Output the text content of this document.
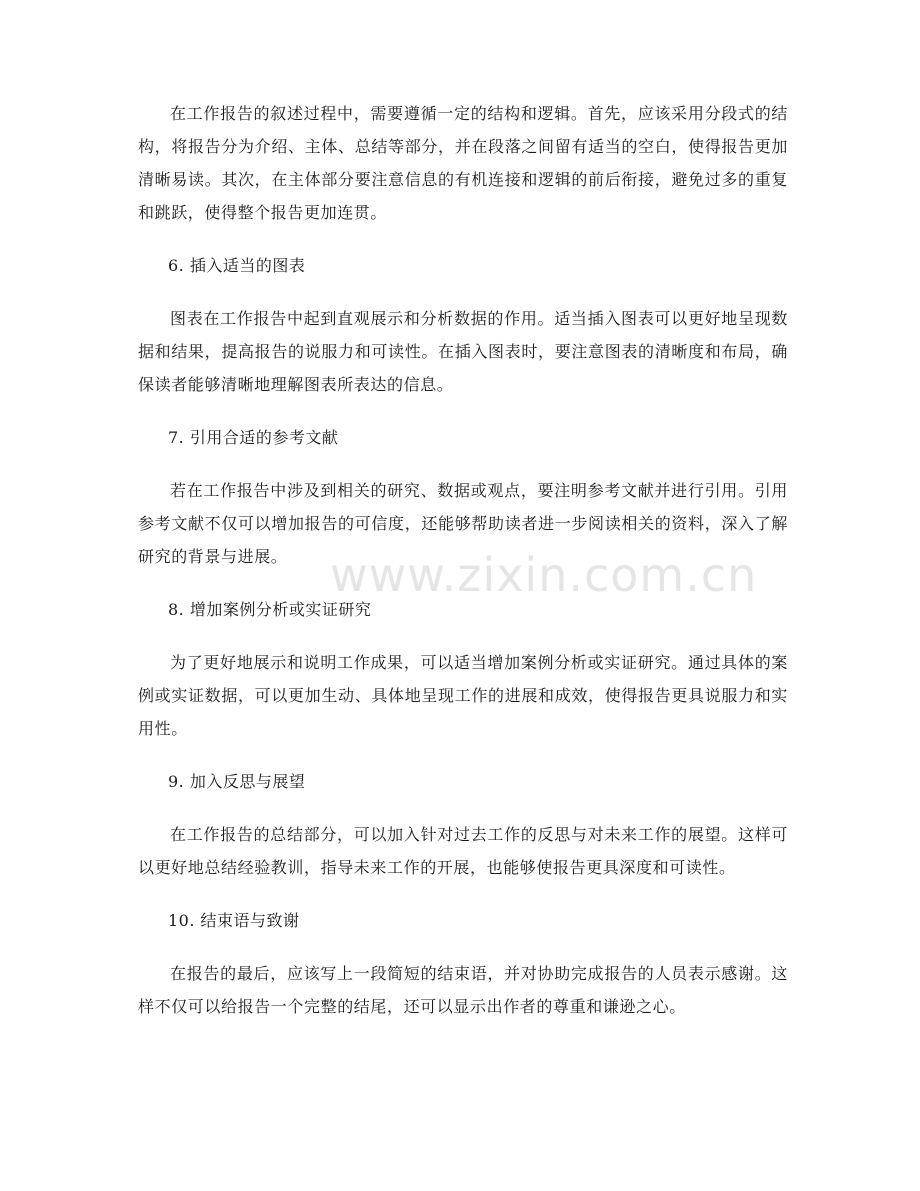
在工作报告的叙述过程中，需要遵循一定的结构和逻辑。首先，应该采用分段式的结构，将报告分为介绍、主体、总结等部分，并在段落之间留有适当的空白，使得报告更加清晰易读。其次，在主体部分要注意信息的有机连接和逻辑的前后衔接，避免过多的重复和跳跃，使得整个报告更加连贯。

6. 插入适当的图表

图表在工作报告中起到直观展示和分析数据的作用。适当插入图表可以更好地呈现数据和结果，提高报告的说服力和可读性。在插入图表时，要注意图表的清晰度和布局，确保读者能够清晰地理解图表所表达的信息。

7. 引用合适的参考文献

若在工作报告中涉及到相关的研究、数据或观点，要注明参考文献并进行引用。引用参考文献不仅可以增加报告的可信度，还能够帮助读者进一步阅读相关的资料，深入了解研究的背景与进展。

8. 增加案例分析或实证研究

为了更好地展示和说明工作成果，可以适当增加案例分析或实证研究。通过具体的案例或实证数据，可以更加生动、具体地呈现工作的进展和成效，使得报告更具说服力和实用性。

9. 加入反思与展望

在工作报告的总结部分，可以加入针对过去工作的反思与对未来工作的展望。这样可以更好地总结经验教训，指导未来工作的开展，也能够使报告更具深度和可读性。

10. 结束语与致谢

在报告的最后，应该写上一段简短的结束语，并对协助完成报告的人员表示感谢。这样不仅可以给报告一个完整的结尾，还可以显示出作者的尊重和谦逊之心。

www.zixin.com.cn
